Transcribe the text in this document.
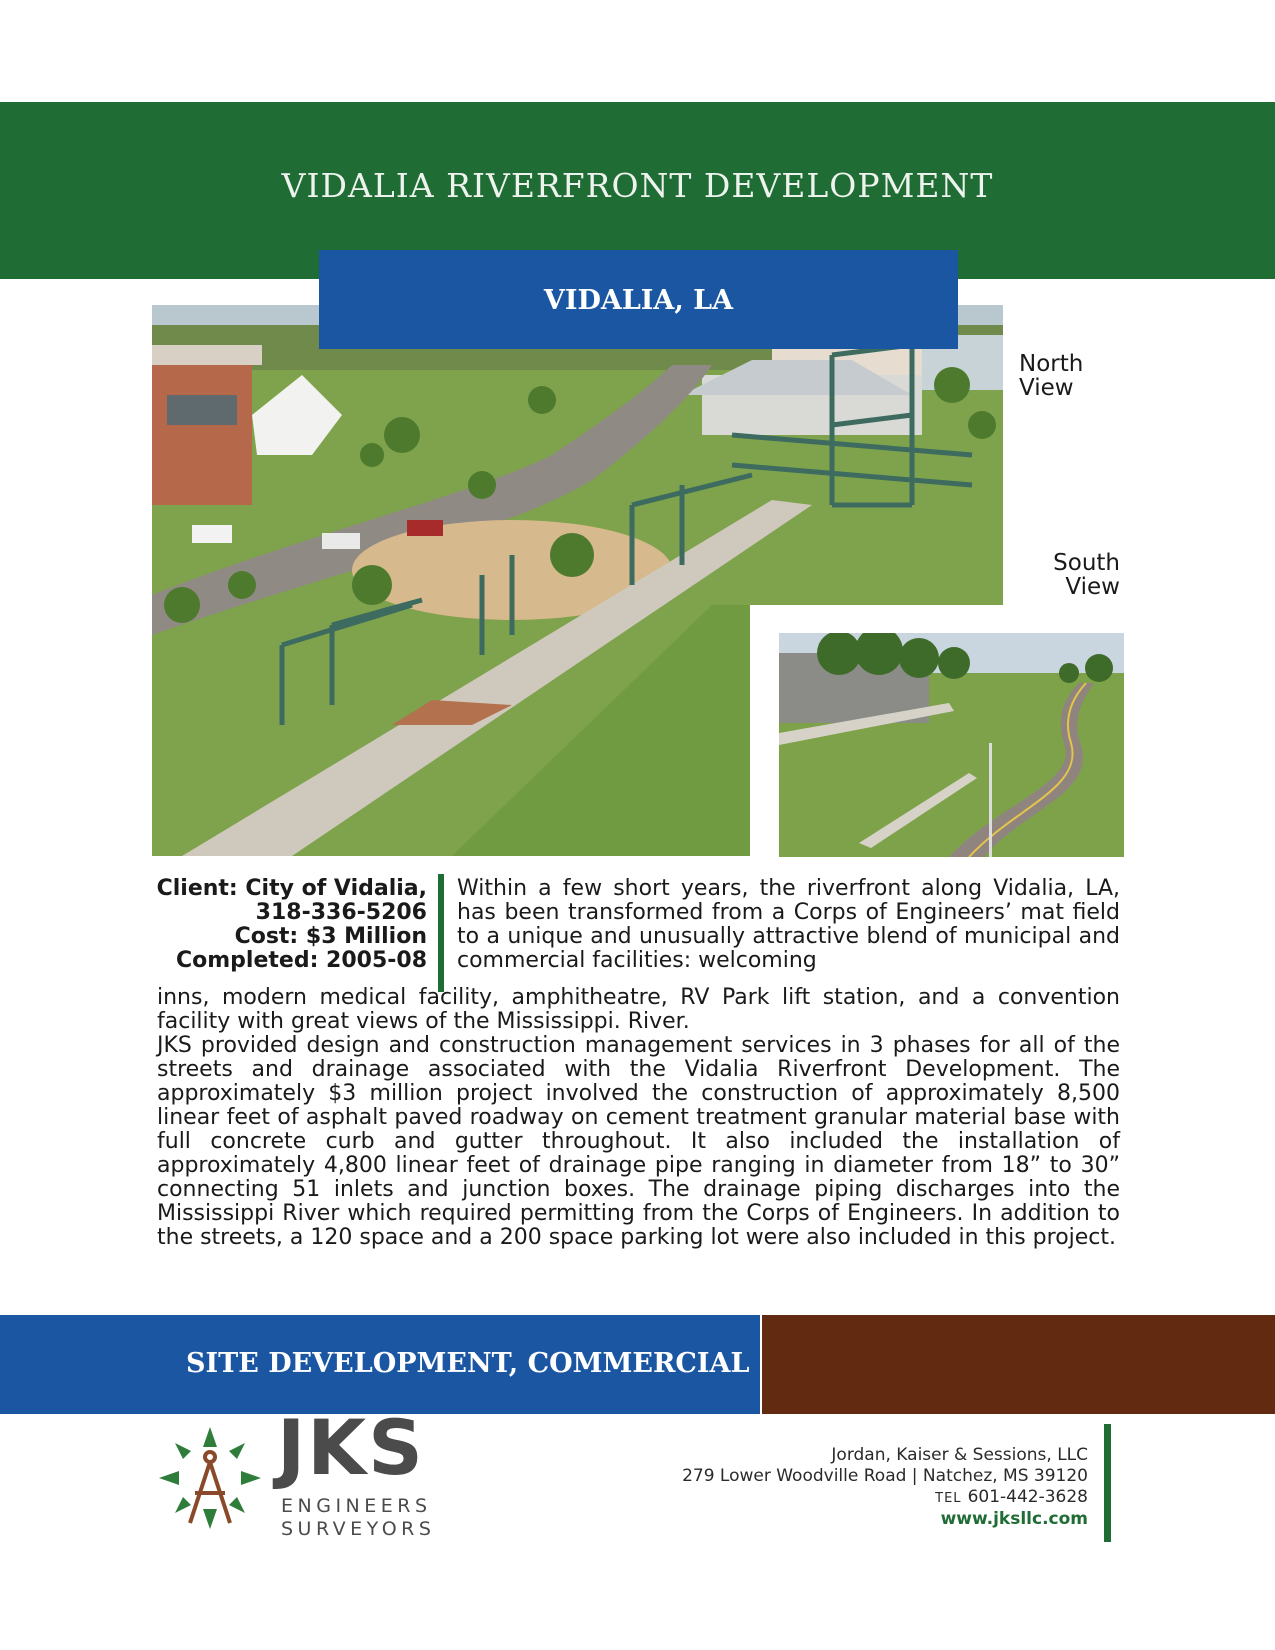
VIDALIA RIVERFRONT DEVELOPMENT
VIDALIA, LA
North
View
South
View
Client: City of Vidalia,
318-336-5206
Cost: $3 Million
Completed: 2005-08
Within a few short years, the riverfront along Vidalia, LA, has been transformed from a Corps of Engineers’ mat field to a unique and unusually attractive blend of municipal and commercial facilities: welcoming

inns, modern medical facility, amphitheatre, RV Park lift station, and a convention facility with great views of the Mississippi. River.

JKS provided design and construction management services in 3 phases for all of the streets and drainage associated with the Vidalia Riverfront Development. The approximately $3 million project involved the construction of approximately 8,500 linear feet of asphalt paved roadway on cement treatment granular material base with full concrete curb and gutter throughout. It also included the installation of approximately 4,800 linear feet of drainage pipe ranging in diameter from 18” to 30” connecting 51 inlets and junction boxes. The drainage piping discharges into the Mississippi River which required permitting from the Corps of Engineers. In addition to the streets, a 120 space and a 200 space parking lot were also included in this project.

SITE DEVELOPMENT, COMMERCIAL
JKS
ENGINEERS
SURVEYORS
Jordan, Kaiser & Sessions, LLC
279 Lower Woodville Road | Natchez, MS 39120
TEL 601-442-3628
www.jksllc.com
